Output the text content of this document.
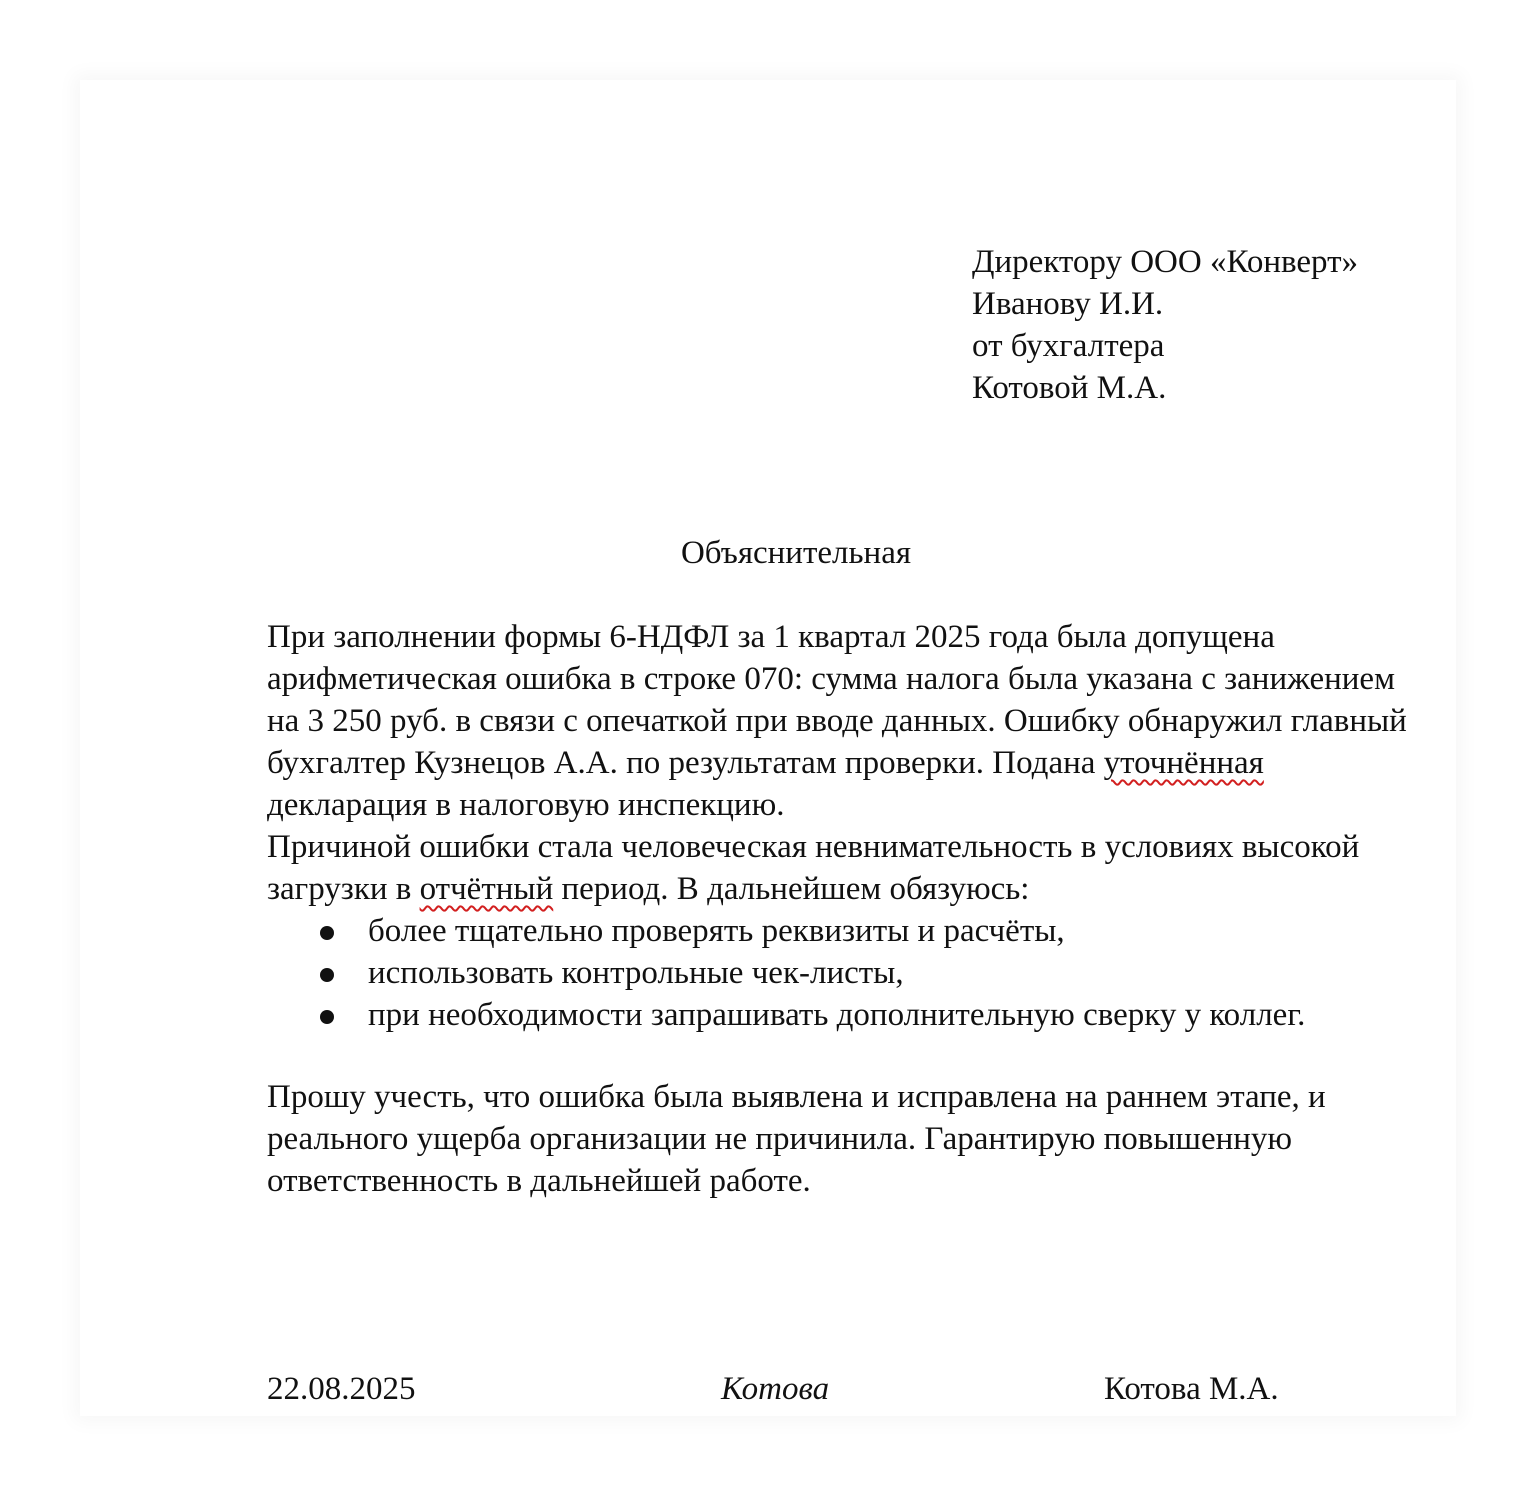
Директору ООО «Конверт»
Иванову И.И.
от бухгалтера
Котовой М.А.
Объяснительная
При заполнении формы 6-НДФЛ за 1 квартал 2025 года была допущена
арифметическая ошибка в строке 070: сумма налога была указана с занижением
на 3 250 руб. в связи с опечаткой при вводе данных. Ошибку обнаружил главный
бухгалтер Кузнецов А.А. по результатам проверки. Подана уточнённая
декларация в налоговую инспекцию.
Причиной ошибки стала человеческая невнимательность в условиях высокой
загрузки в отчётный период. В дальнейшем обязуюсь:
более тщательно проверять реквизиты и расчёты,
использовать контрольные чек-листы,
при необходимости запрашивать дополнительную сверку у коллег.
Прошу учесть, что ошибка была выявлена и исправлена на раннем этапе, и
реального ущерба организации не причинила. Гарантирую повышенную
ответственность в дальнейшей работе.
22.08.2025	Котова	Котова М.А.
